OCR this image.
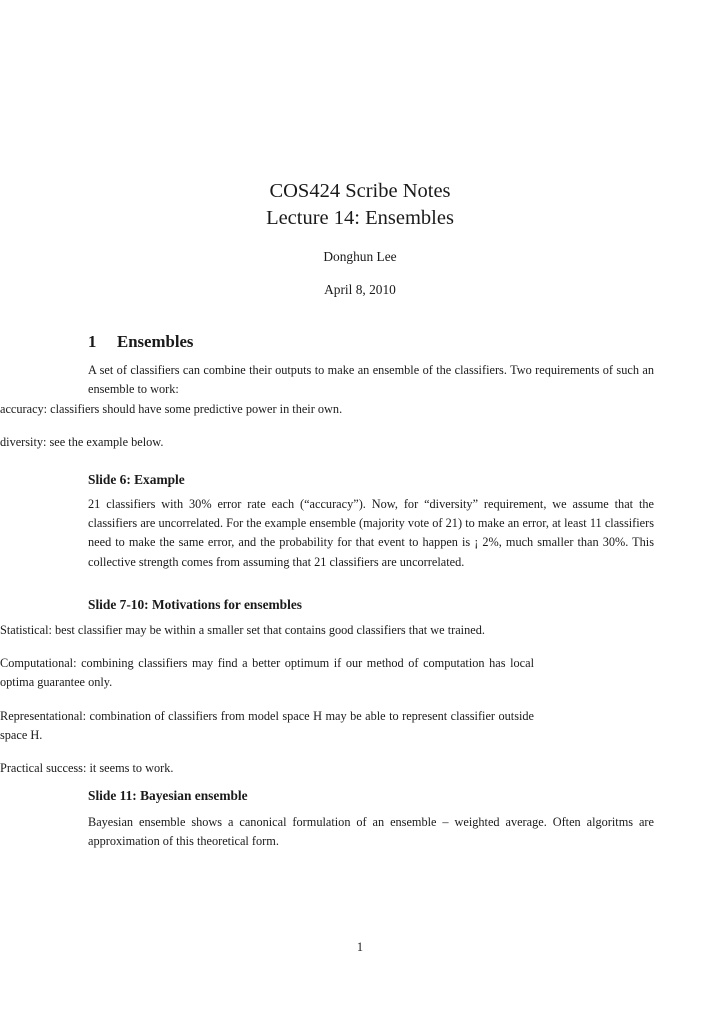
COS424 Scribe Notes
Lecture 14: Ensembles
Donghun Lee
April 8, 2010
1 Ensembles
A set of classifiers can combine their outputs to make an ensemble of the classifiers. Two requirements of such an ensemble to work:
accuracy: classifiers should have some predictive power in their own.
diversity: see the example below.
Slide 6: Example
21 classifiers with 30% error rate each (“accuracy”). Now, for “diversity” requirement, we assume that the classifiers are uncorrelated. For the example ensemble (majority vote of 21) to make an error, at least 11 classifiers need to make the same error, and the probability for that event to happen is ¡ 2%, much smaller than 30%. This collective strength comes from assuming that 21 classifiers are uncorrelated.
Slide 7-10: Motivations for ensembles
Statistical: best classifier may be within a smaller set that contains good classifiers that we trained.
Computational: combining classifiers may find a better optimum if our method of computation has local optima guarantee only.
Representational: combination of classifiers from model space H may be able to represent classifier outside space H.
Practical success: it seems to work.
Slide 11: Bayesian ensemble
Bayesian ensemble shows a canonical formulation of an ensemble – weighted average. Often algoritms are approximation of this theoretical form.
1
